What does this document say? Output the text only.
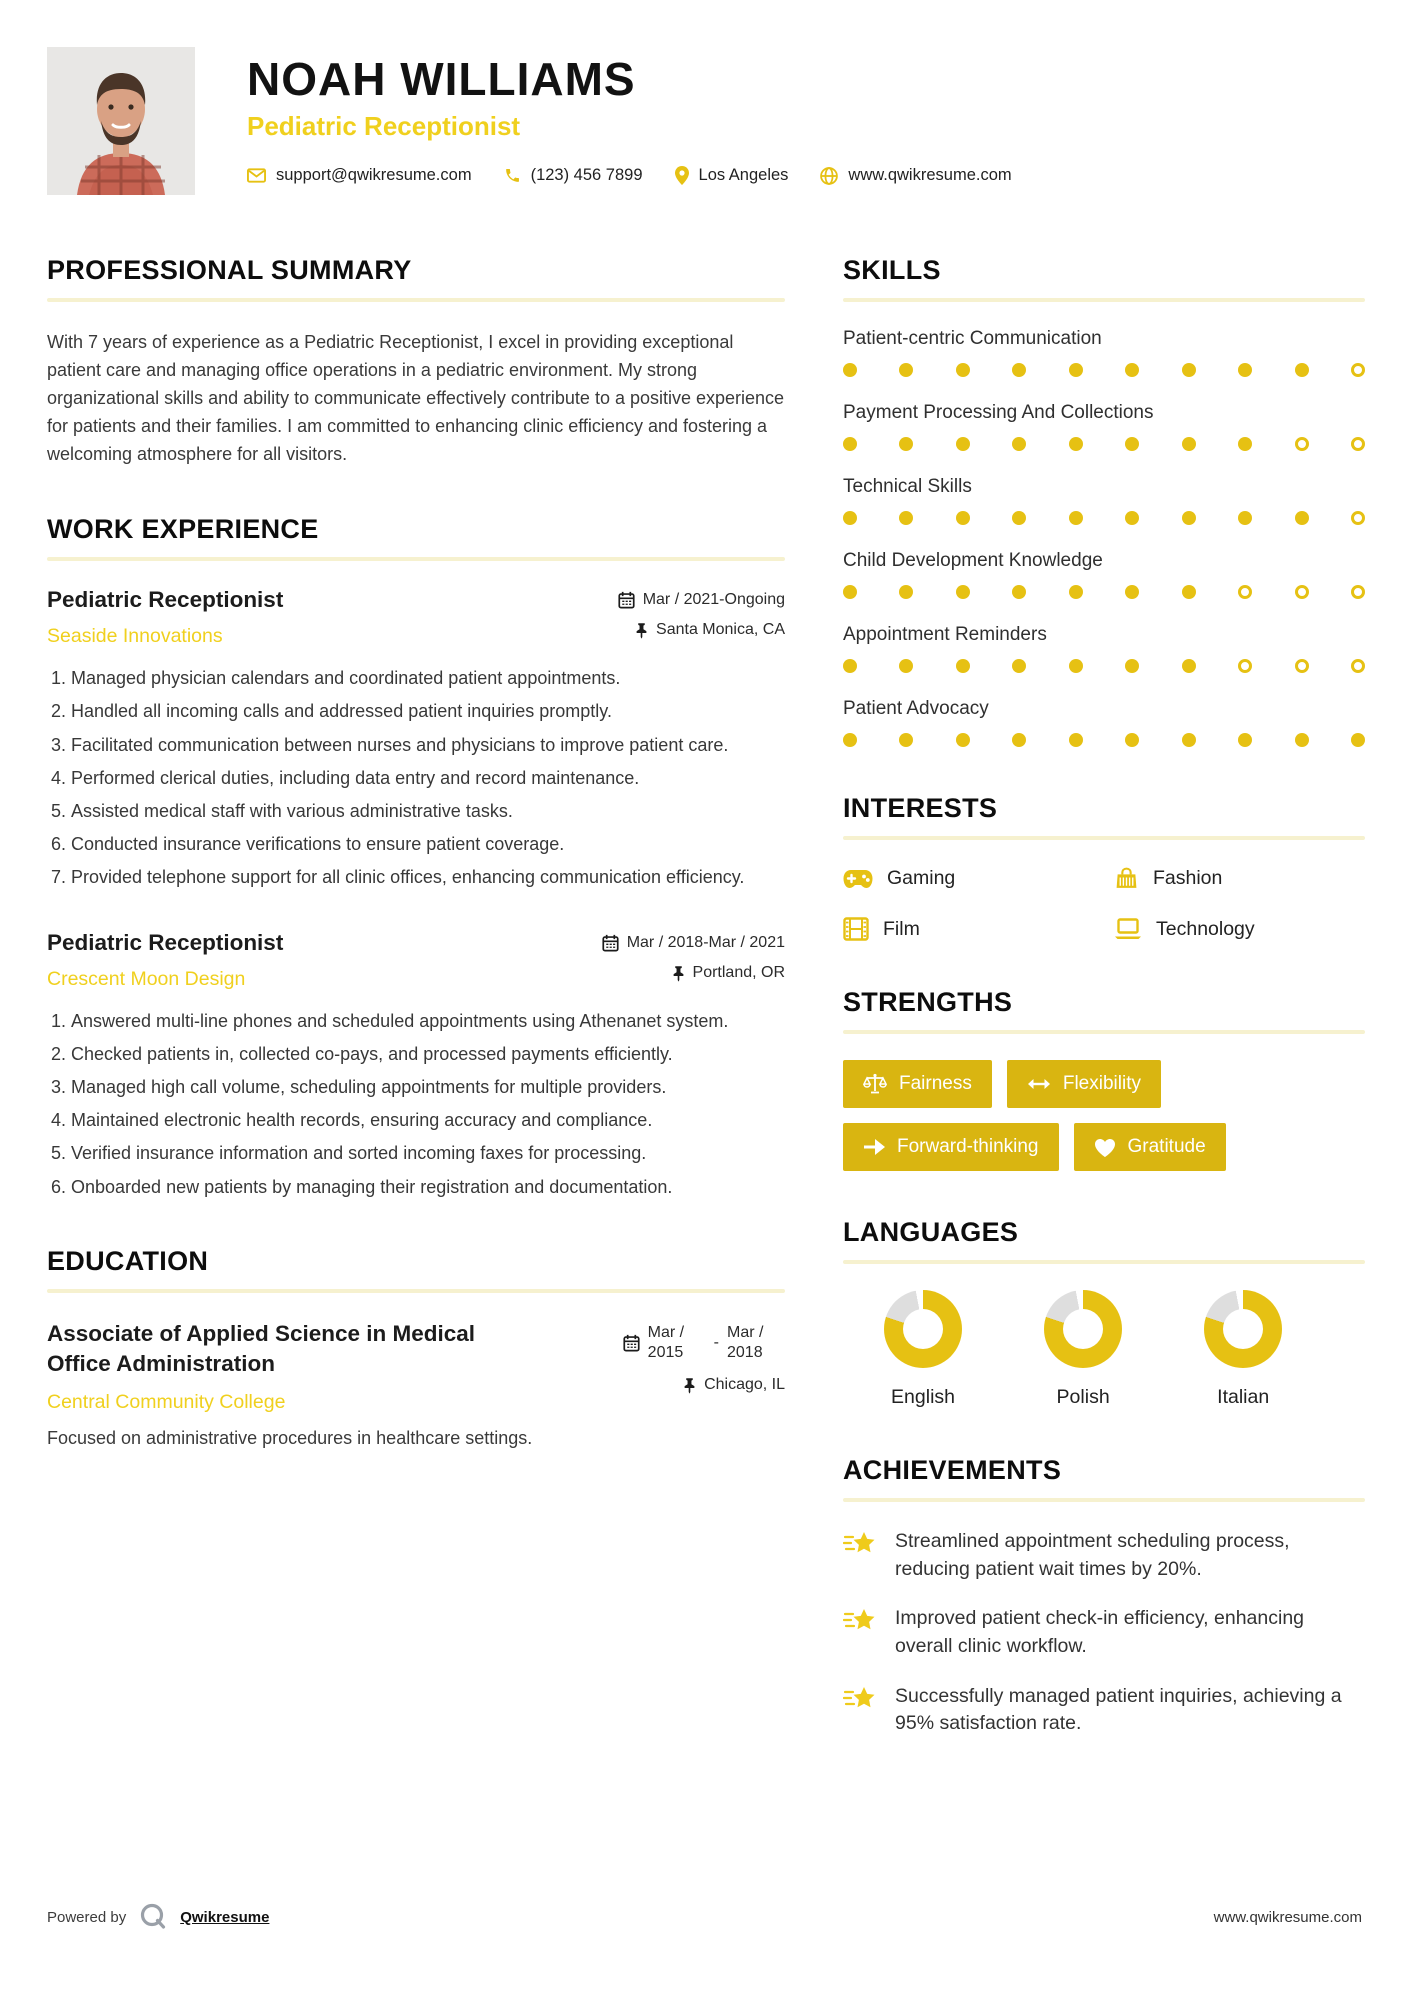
NOAH WILLIAMS
Pediatric Receptionist
support@qwikresume.com	(123) 456 7899	Los Angeles	www.qwikresume.com
PROFESSIONAL SUMMARY

With 7 years of experience as a Pediatric Receptionist, I excel in providing exceptional patient care and managing office operations in a pediatric environment. My strong organizational skills and ability to communicate effectively contribute to a positive experience for patients and their families. I am committed to enhancing clinic efficiency and fostering a welcoming atmosphere for all visitors.

WORK EXPERIENCE
Pediatric Receptionist
Seaside Innovations
Mar / 2021-Ongoing
Santa Monica, CA
1. Managed physician calendars and coordinated patient appointments.
2. Handled all incoming calls and addressed patient inquiries promptly.
3. Facilitated communication between nurses and physicians to improve patient care.
4. Performed clerical duties, including data entry and record maintenance.
5. Assisted medical staff with various administrative tasks.
6. Conducted insurance verifications to ensure patient coverage.
7. Provided telephone support for all clinic offices, enhancing communication efficiency.
Pediatric Receptionist
Crescent Moon Design
Mar / 2018-Mar / 2021
Portland, OR
1. Answered multi-line phones and scheduled appointments using Athenanet system.
2. Checked patients in, collected co-pays, and processed payments efficiently.
3. Managed high call volume, scheduling appointments for multiple providers.
4. Maintained electronic health records, ensuring accuracy and compliance.
5. Verified insurance information and sorted incoming faxes for processing.
6. Onboarded new patients by managing their registration and documentation.
EDUCATION
Associate of Applied Science in Medical Office Administration
Central Community College
Mar / 2015
-
Mar / 2018
Chicago, IL

Focused on administrative procedures in healthcare settings.

SKILLS
Patient-centric Communication
Payment Processing And Collections
Technical Skills
Child Development Knowledge
Appointment Reminders
Patient Advocacy
INTERESTS
Gaming	Fashion
Film	Technology
STRENGTHS
Fairness	Flexibility
Forward-thinking	Gratitude
LANGUAGES
English	Polish	Italian
ACHIEVEMENTS
Streamlined appointment scheduling process, reducing patient wait times by 20%.
Improved patient check-in efficiency, enhancing overall clinic workflow.
Successfully managed patient inquiries, achieving a 95% satisfaction rate.
Powered by	Qwikresume	www.qwikresume.com
